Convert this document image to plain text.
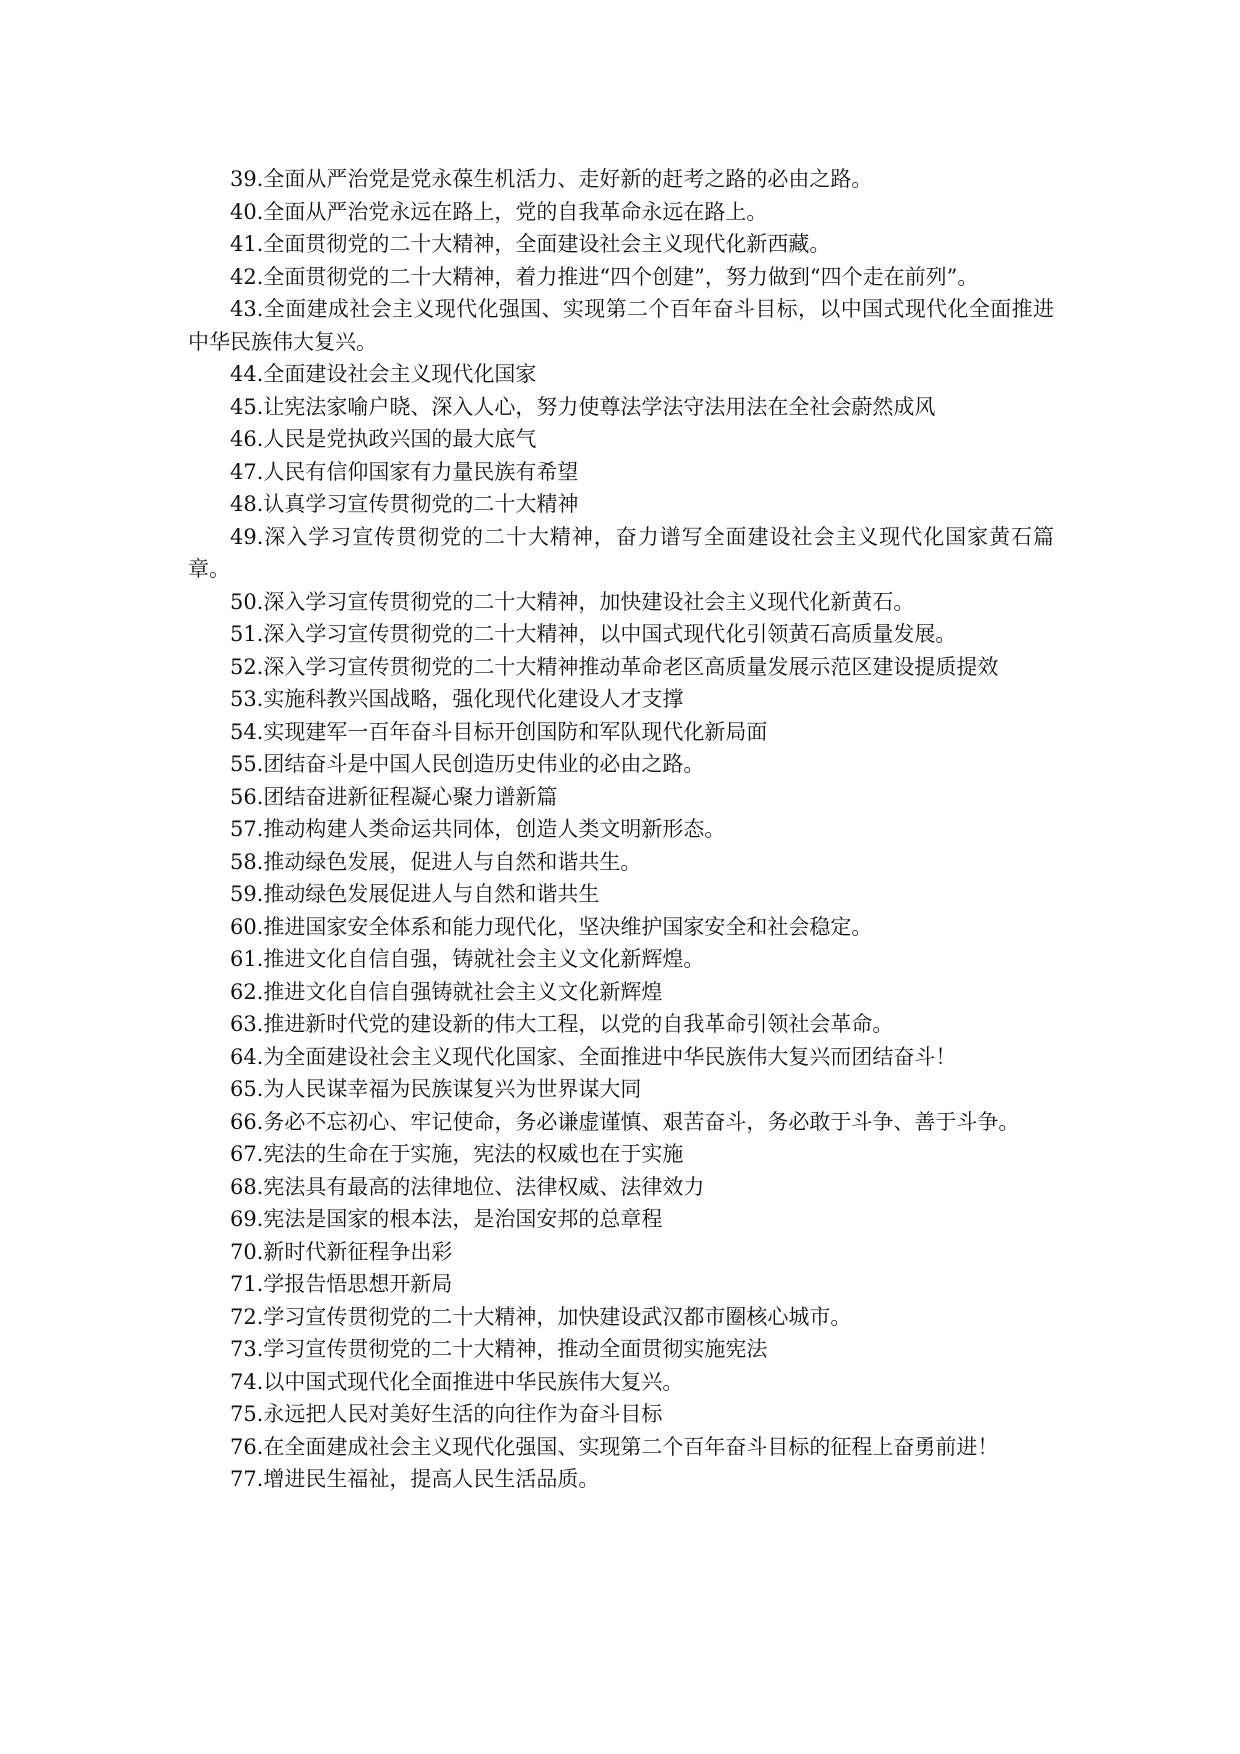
39.全面从严治党是党永葆生机活力、走好新的赶考之路的必由之路。

40.全面从严治党永远在路上，党的自我革命永远在路上。

41.全面贯彻党的二十大精神，全面建设社会主义现代化新西藏。

42.全面贯彻党的二十大精神，着力推进“四个创建”，努力做到“四个走在前列”。

43.全面建成社会主义现代化强国、实现第二个百年奋斗目标，以中国式现代化全面推进中华民族伟大复兴。

44.全面建设社会主义现代化国家

45.让宪法家喻户晓、深入人心，努力使尊法学法守法用法在全社会蔚然成风

46.人民是党执政兴国的最大底气

47.人民有信仰国家有力量民族有希望

48.认真学习宣传贯彻党的二十大精神

49.深入学习宣传贯彻党的二十大精神，奋力谱写全面建设社会主义现代化国家黄石篇章。

50.深入学习宣传贯彻党的二十大精神，加快建设社会主义现代化新黄石。

51.深入学习宣传贯彻党的二十大精神，以中国式现代化引领黄石高质量发展。

52.深入学习宣传贯彻党的二十大精神推动革命老区高质量发展示范区建设提质提效

53.实施科教兴国战略，强化现代化建设人才支撑

54.实现建军一百年奋斗目标开创国防和军队现代化新局面

55.团结奋斗是中国人民创造历史伟业的必由之路。

56.团结奋进新征程凝心聚力谱新篇

57.推动构建人类命运共同体，创造人类文明新形态。

58.推动绿色发展，促进人与自然和谐共生。

59.推动绿色发展促进人与自然和谐共生

60.推进国家安全体系和能力现代化，坚决维护国家安全和社会稳定。

61.推进文化自信自强，铸就社会主义文化新辉煌。

62.推进文化自信自强铸就社会主义文化新辉煌

63.推进新时代党的建设新的伟大工程，以党的自我革命引领社会革命。

64.为全面建设社会主义现代化国家、全面推进中华民族伟大复兴而团结奋斗！

65.为人民谋幸福为民族谋复兴为世界谋大同

66.务必不忘初心、牢记使命，务必谦虚谨慎、艰苦奋斗，务必敢于斗争、善于斗争。

67.宪法的生命在于实施，宪法的权威也在于实施

68.宪法具有最高的法律地位、法律权威、法律效力

69.宪法是国家的根本法，是治国安邦的总章程

70.新时代新征程争出彩

71.学报告悟思想开新局

72.学习宣传贯彻党的二十大精神，加快建设武汉都市圈核心城市。

73.学习宣传贯彻党的二十大精神，推动全面贯彻实施宪法

74.以中国式现代化全面推进中华民族伟大复兴。

75.永远把人民对美好生活的向往作为奋斗目标

76.在全面建成社会主义现代化强国、实现第二个百年奋斗目标的征程上奋勇前进！

77.增进民生福祉，提高人民生活品质。
